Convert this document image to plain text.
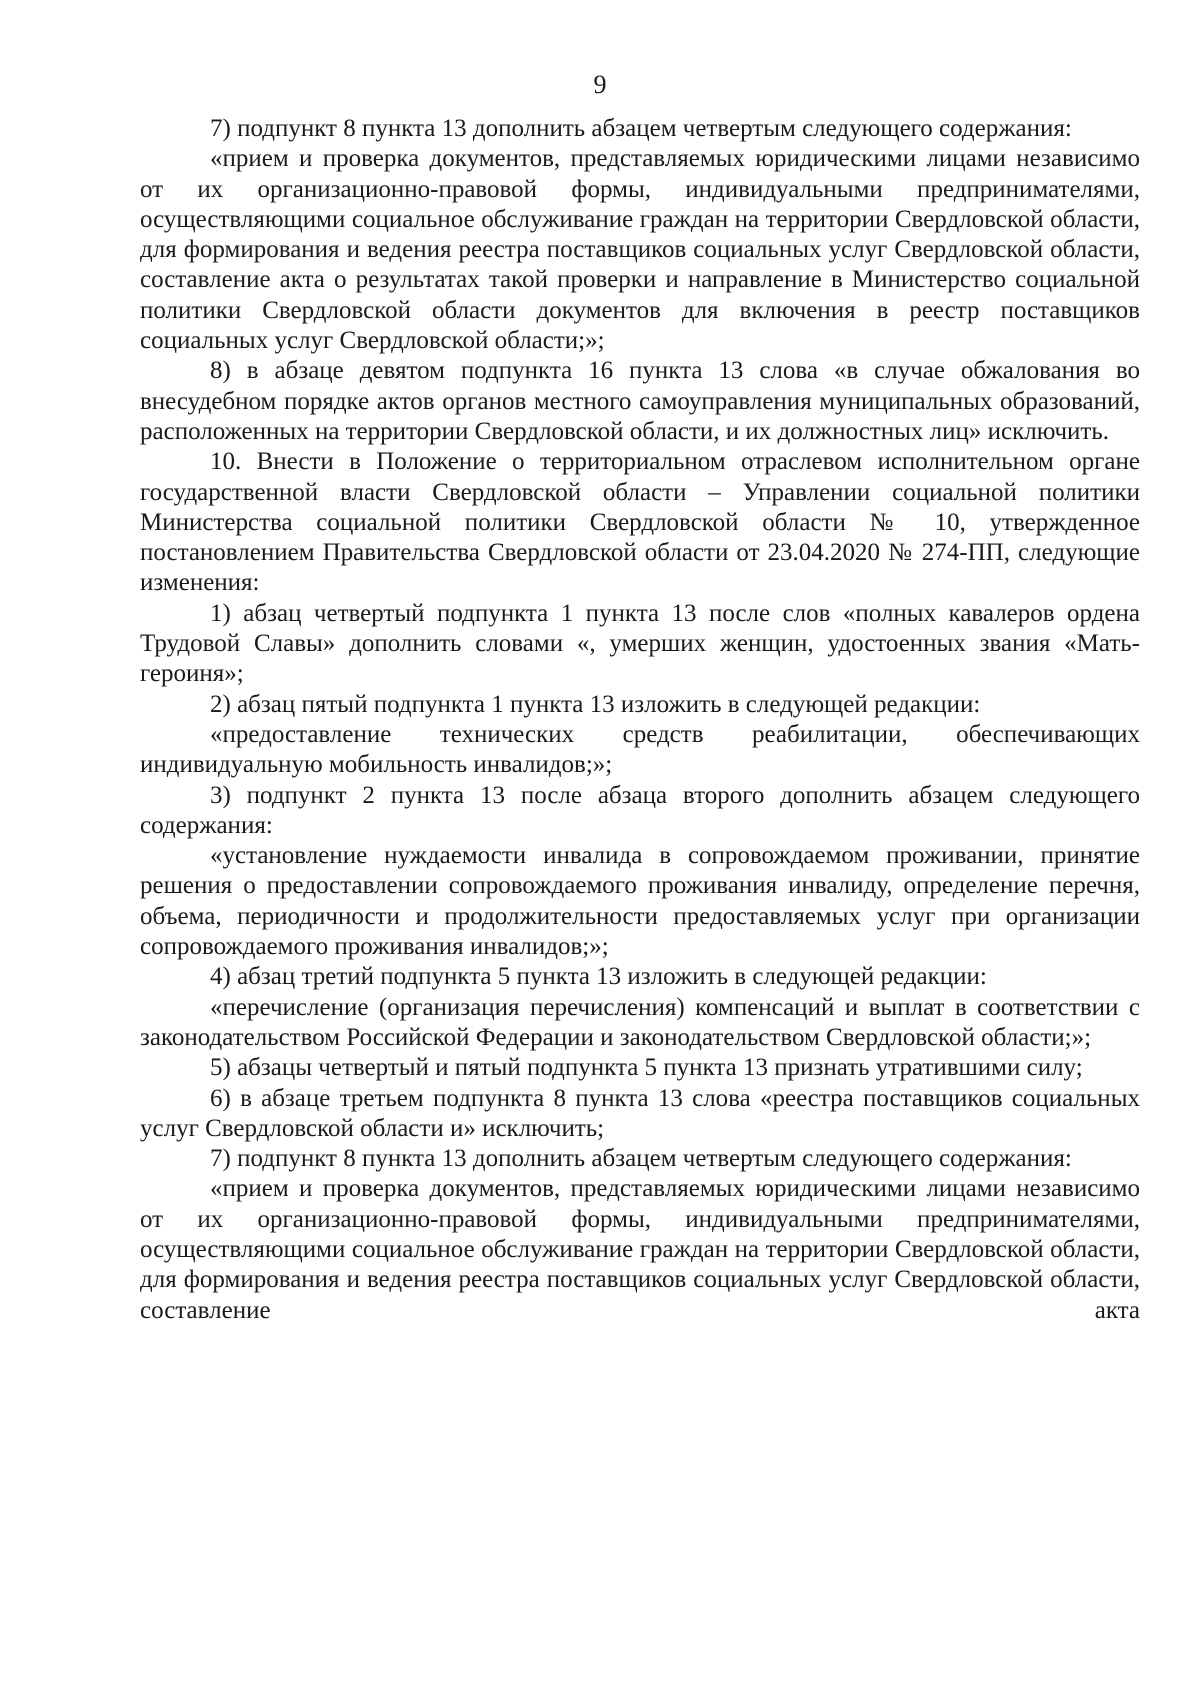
9

7) подпункт 8 пункта 13 дополнить абзацем четвертым следующего содержания:

«прием и проверка документов, представляемых юридическими лицами независимо от их организационно-правовой формы, индивидуальными предпринимателями, осуществляющими социальное обслуживание граждан на территории Свердловской области, для формирования и ведения реестра поставщиков социальных услуг Свердловской области, составление акта о результатах такой проверки и направление в Министерство социальной политики Свердловской области документов для включения в реестр поставщиков социальных услуг Свердловской области;»;

8) в абзаце девятом подпункта 16 пункта 13 слова «в случае обжалования во внесудебном порядке актов органов местного самоуправления муниципальных образований, расположенных на территории Свердловской области, и их должностных лиц» исключить.

10. Внести в Положение о территориальном отраслевом исполнительном органе государственной власти Свердловской области – Управлении социальной политики Министерства социальной политики Свердловской области № 10, утвержденное постановлением Правительства Свердловской области от 23.04.2020 № 274-ПП, следующие изменения:

1) абзац четвертый подпункта 1 пункта 13 после слов «полных кавалеров ордена Трудовой Славы» дополнить словами «, умерших женщин, удостоенных звания «Мать-героиня»;

2) абзац пятый подпункта 1 пункта 13 изложить в следующей редакции:

«предоставление технических средств реабилитации, обеспечивающих индивидуальную мобильность инвалидов;»;

3) подпункт 2 пункта 13 после абзаца второго дополнить абзацем следующего содержания:

«установление нуждаемости инвалида в сопровождаемом проживании, принятие решения о предоставлении сопровождаемого проживания инвалиду, определение перечня, объема, периодичности и продолжительности предоставляемых услуг при организации сопровождаемого проживания инвалидов;»;

4) абзац третий подпункта 5 пункта 13 изложить в следующей редакции:

«перечисление (организация перечисления) компенсаций и выплат в соответствии с законодательством Российской Федерации и законодательством Свердловской области;»;

5) абзацы четвертый и пятый подпункта 5 пункта 13 признать утратившими силу;

6) в абзаце третьем подпункта 8 пункта 13 слова «реестра поставщиков социальных услуг Свердловской области и» исключить;

7) подпункт 8 пункта 13 дополнить абзацем четвертым следующего содержания:

«прием и проверка документов, представляемых юридическими лицами независимо от их организационно-правовой формы, индивидуальными предпринимателями, осуществляющими социальное обслуживание граждан на территории Свердловской области, для формирования и ведения реестра поставщиков социальных услуг Свердловской области, составление акта
